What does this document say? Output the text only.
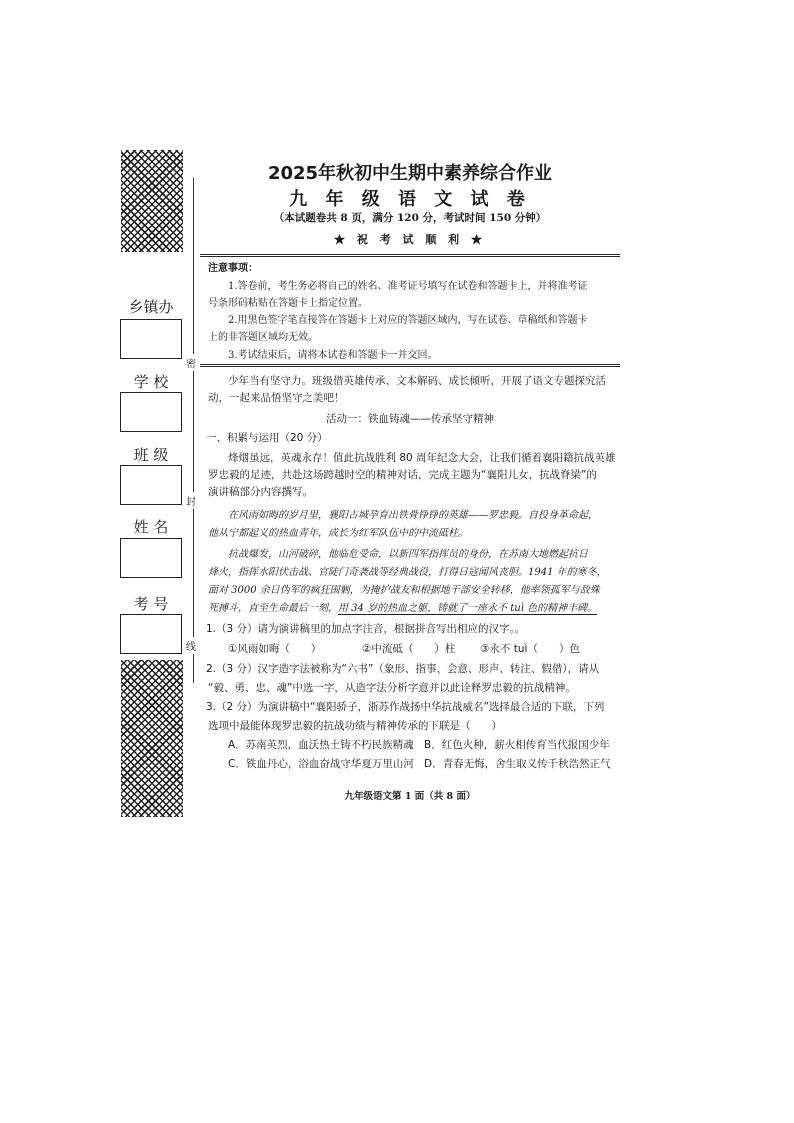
密
封
线
乡镇办
学 校
班 级
姓 名
考 号
2025年秋初中生期中素养综合作业
九 年 级 语 文 试 卷
（本试题卷共 8 页，满分 120 分，考试时间 150 分钟）
★ 祝 考 试 顺 利 ★
注意事项：
1.答卷前，考生务必将自己的姓名、准考证号填写在试卷和答题卡上，并将准考证
号条形码粘贴在答题卡上指定位置。
2.用黑色签字笔直接答在答题卡上对应的答题区域内，写在试卷、草稿纸和答题卡
上的非答题区域均无效。
3.考试结束后，请将本试卷和答题卡一并交回。
少年当有坚守力。班级借英雄传承、文本解码、成长倾听，开展了语文专题探究活
动，一起来品悟坚守之美吧！
活动一：铁血铸魂——传承坚守精神
一、积累与运用（20 分）
烽烟虽远，英魂永存！值此抗战胜利 80 周年纪念大会，让我们循着襄阳籍抗战英雄
罗忠毅的足迹，共赴这场跨越时空的精神对话，完成主题为“襄阳儿女，抗战脊梁”的
演讲稿部分内容撰写。
在风雨如晦的岁月里，襄阳古城孕育出铁骨铮铮的英雄——罗忠毅。自投身革命起，
他从宁都起义的热血青年，成长为红军队伍中的中流砥柱。
抗战爆发，山河破碎，他临危受命，以新四军指挥员的身份，在苏南大地燃起抗日
烽火，指挥水阳伏击战、官陡门奇袭战等经典战役，打得日寇闻风丧胆。1941 年的寒冬，
面对 3000 余日伪军的疯狂围剿，为掩护战友和根据地干部安全转移，他率领孤军与敌殊
死搏斗，直至生命最后一刻，用 34 岁的热血之躯，铸就了一座永不 tuì 色的精神丰碑。
1.（3 分）请为演讲稿里的加点字注音，根据拼音写出相应的汉字。。
①风雨如晦（　　）	②中流砥（　　）柱 ③永不 tuì（　　）色
2.（3 分）汉字造字法被称为“六书”（象形、指事、会意、形声、转注、假借），请从
“毅、勇、忠、魂”中选一字，从造字法分析字意并以此诠释罗忠毅的抗战精神。
3.（2 分）为演讲稿中“襄阳骄子，浙苏作战扬中华抗战威名”选择最合适的下联，下列
选项中最能体现罗忠毅的抗战功绩与精神传承的下联是（　　）
A．苏南英烈，血沃热土铸不朽民族精魂 B．红色火种，薪火相传育当代报国少年
C．铁血丹心，浴血奋战守华夏万里山河 D．青春无悔，舍生取义传千秋浩然正气
九年级语文第 1 面（共 8 面）
